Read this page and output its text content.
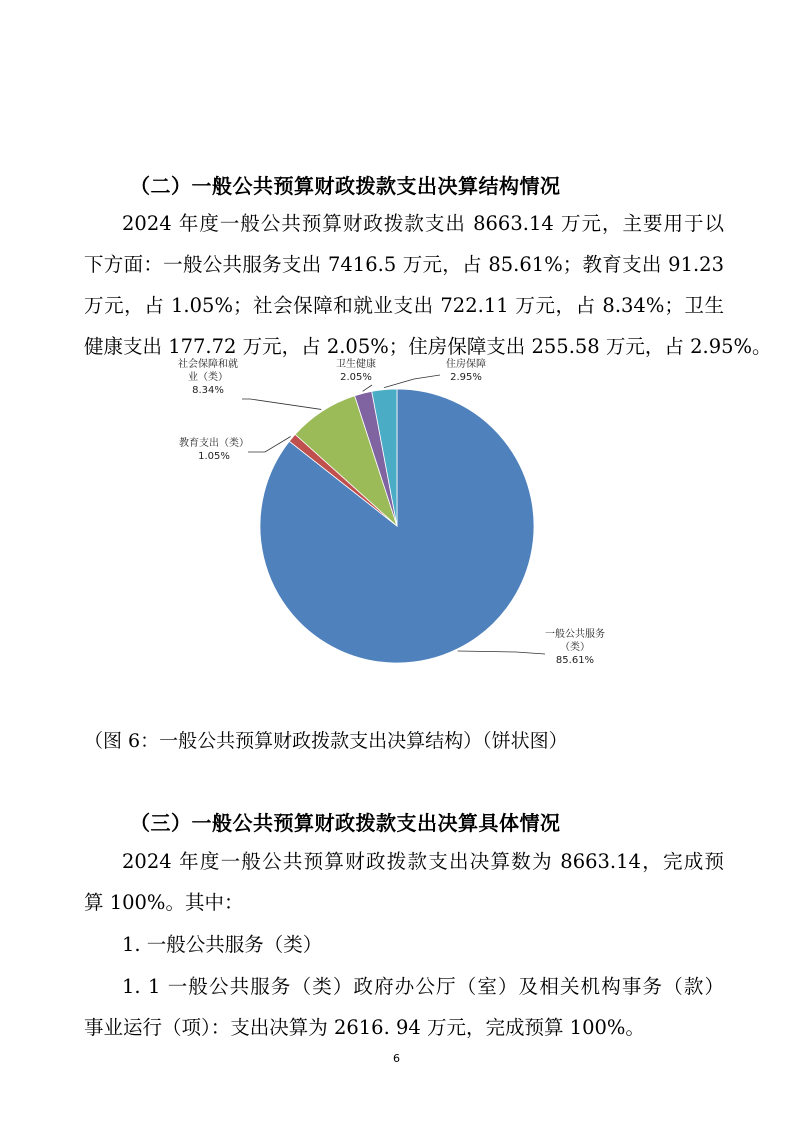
（二）一般公共预算财政拨款支出决算结构情况
2024 年度一般公共预算财政拨款支出 8663.14 万元，主要用于以
下方面：一般公共服务支出 7416.5 万元，占 85.61%；教育支出 91.23
万元，占 1.05%；社会保障和就业支出 722.11 万元，占 8.34%；卫生
健康支出 177.72 万元，占 2.05%；住房保障支出 255.58 万元，占 2.95%。
一般公共服务
（类）
85.61%
教育支出（类）
1.05%
社会保障和就
业（类）
8.34%
卫生健康
2.05%
住房保障
2.95%
（图 6：一般公共预算财政拨款支出决算结构）（饼状图）
（三）一般公共预算财政拨款支出决算具体情况
2024 年度一般公共预算财政拨款支出决算数为 8663.14，完成预
算 100%。其中：
1. 一般公共服务（类）
1. 1 一般公共服务（类）政府办公厅（室）及相关机构事务（款）
事业运行（项）：支出决算为 2616. 94 万元，完成预算 100%。
6
